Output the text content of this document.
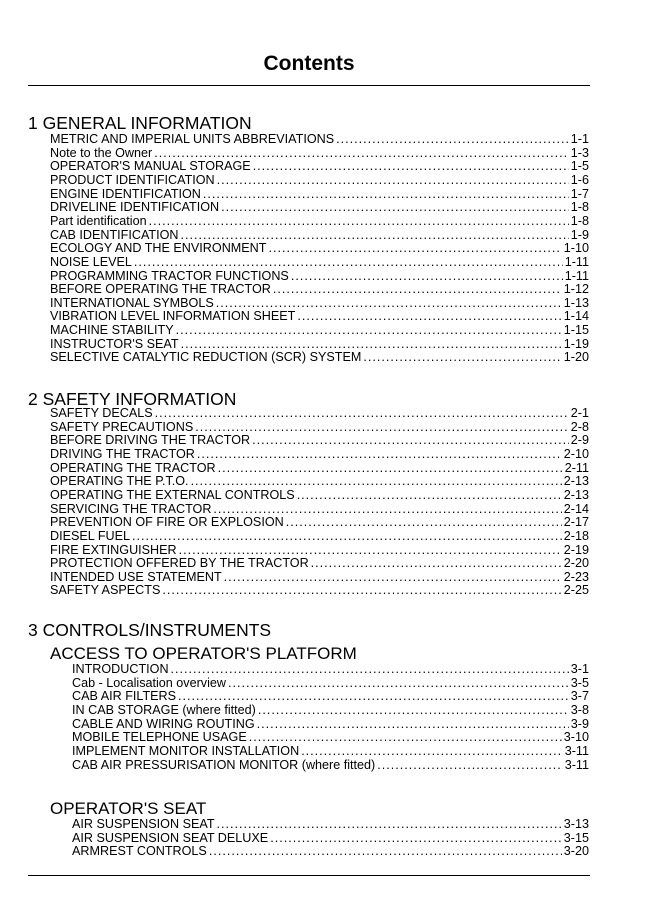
Contents
1 GENERAL INFORMATION
METRIC AND IMPERIAL UNITS ABBREVIATIONS .....	1-1
Note to the Owner .....	1-3
OPERATOR'S MANUAL STORAGE .....	1-5
PRODUCT IDENTIFICATION .....	1-6
ENGINE IDENTIFICATION .....	1-7
DRIVELINE IDENTIFICATION .....	1-8
Part identification .....	1-8
CAB IDENTIFICATION .....	1-9
ECOLOGY AND THE ENVIRONMENT .....	1-10
NOISE LEVEL .....	1-11
PROGRAMMING TRACTOR FUNCTIONS .....	1-11
BEFORE OPERATING THE TRACTOR .....	1-12
INTERNATIONAL SYMBOLS .....	1-13
VIBRATION LEVEL INFORMATION SHEET .....	1-14
MACHINE STABILITY .....	1-15
INSTRUCTOR'S SEAT .....	1-19
SELECTIVE CATALYTIC REDUCTION (SCR) SYSTEM .....	1-20
2 SAFETY INFORMATION
SAFETY DECALS .....	2-1
SAFETY PRECAUTIONS .....	2-8
BEFORE DRIVING THE TRACTOR .....	2-9
DRIVING THE TRACTOR .....	2-10
OPERATING THE TRACTOR .....	2-11
OPERATING THE P.T.O. .....	2-13
OPERATING THE EXTERNAL CONTROLS .....	2-13
SERVICING THE TRACTOR .....	2-14
PREVENTION OF FIRE OR EXPLOSION .....	2-17
DIESEL FUEL .....	2-18
FIRE EXTINGUISHER .....	2-19
PROTECTION OFFERED BY THE TRACTOR .....	2-20
INTENDED USE STATEMENT .....	2-23
SAFETY ASPECTS .....	2-25
3 CONTROLS/INSTRUMENTS
ACCESS TO OPERATOR'S PLATFORM
INTRODUCTION .....	3-1
Cab - Localisation overview .....	3-5
CAB AIR FILTERS .....	3-7
IN CAB STORAGE (where fitted) .....	3-8
CABLE AND WIRING ROUTING .....	3-9
MOBILE TELEPHONE USAGE .....	3-10
IMPLEMENT MONITOR INSTALLATION .....	3-11
CAB AIR PRESSURISATION MONITOR (where fitted) .....	3-11
OPERATOR'S SEAT
AIR SUSPENSION SEAT .....	3-13
AIR SUSPENSION SEAT DELUXE .....	3-15
ARMREST CONTROLS .....	3-20
